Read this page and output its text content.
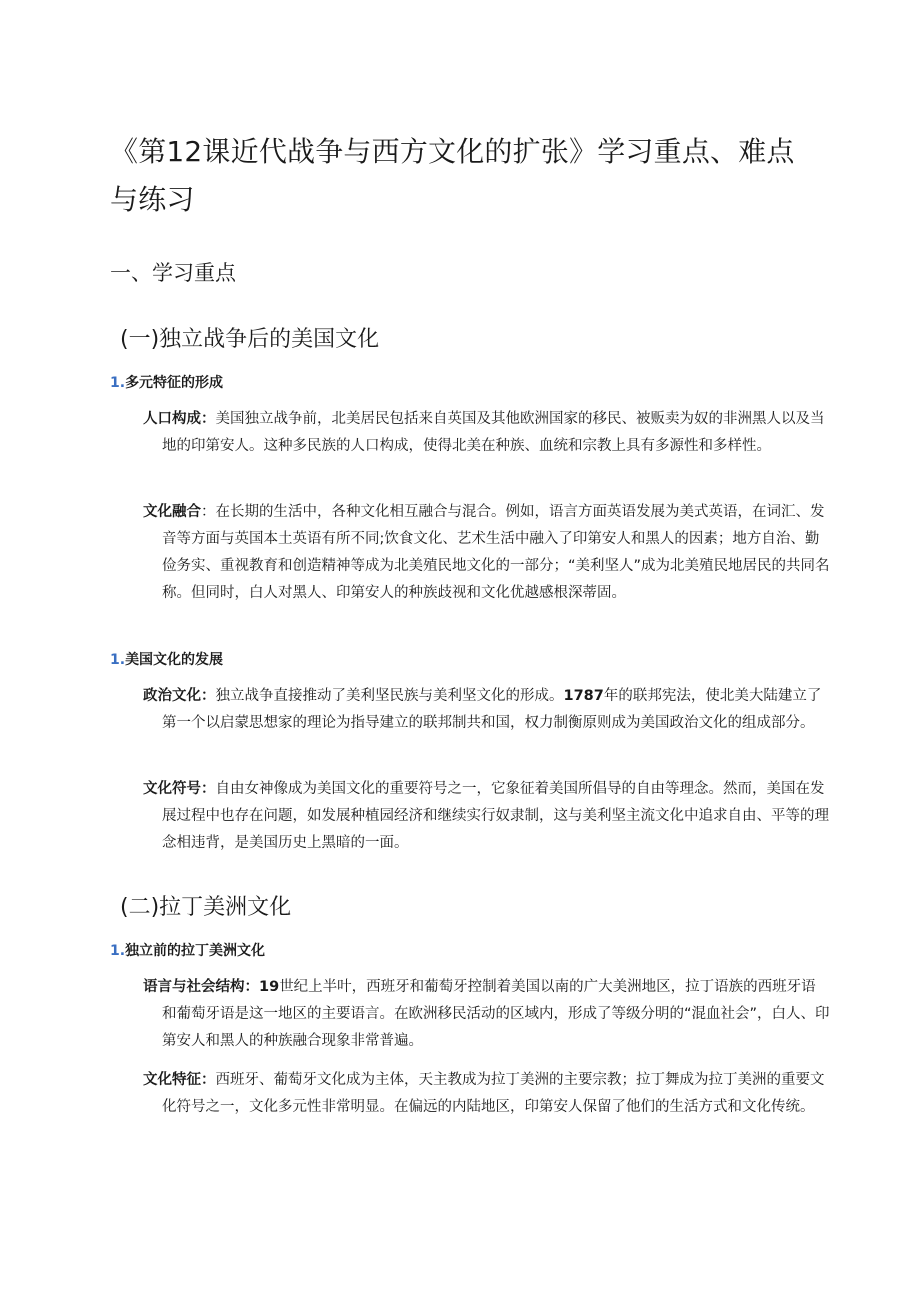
《第12课近代战争与西方文化的扩张》学习重点、难点与练习
一、学习重点
(一)独立战争后的美国文化
1.多元特征的形成

人口构成：美国独立战争前，北美居民包括来自英国及其他欧洲国家的移民、被贩卖为奴的非洲黑人以及当地的印第安人。这种多民族的人口构成，使得北美在种族、血统和宗教上具有多源性和多样性。

文化融合：在长期的生活中，各种文化相互融合与混合。例如，语言方面英语发展为美式英语，在词汇、发音等方面与英国本土英语有所不同;饮食文化、艺术生活中融入了印第安人和黑人的因素；地方自治、勤俭务实、重视教育和创造精神等成为北美殖民地文化的一部分；“美利坚人”成为北美殖民地居民的共同名称。但同时，白人对黑人、印第安人的种族歧视和文化优越感根深蒂固。

1.美国文化的发展

政治文化：独立战争直接推动了美利坚民族与美利坚文化的形成。1787年的联邦宪法，使北美大陆建立了第一个以启蒙思想家的理论为指导建立的联邦制共和国，权力制衡原则成为美国政治文化的组成部分。

文化符号：自由女神像成为美国文化的重要符号之一，它象征着美国所倡导的自由等理念。然而，美国在发展过程中也存在问题，如发展种植园经济和继续实行奴隶制，这与美利坚主流文化中追求自由、平等的理念相违背，是美国历史上黑暗的一面。

(二)拉丁美洲文化
1.独立前的拉丁美洲文化

语言与社会结构：19世纪上半叶，西班牙和葡萄牙控制着美国以南的广大美洲地区，拉丁语族的西班牙语和葡萄牙语是这一地区的主要语言。在欧洲移民活动的区域内，形成了等级分明的“混血社会”，白人、印第安人和黑人的种族融合现象非常普遍。

文化特征：西班牙、葡萄牙文化成为主体，天主教成为拉丁美洲的主要宗教；拉丁舞成为拉丁美洲的重要文化符号之一，文化多元性非常明显。在偏远的内陆地区，印第安人保留了他们的生活方式和文化传统。
